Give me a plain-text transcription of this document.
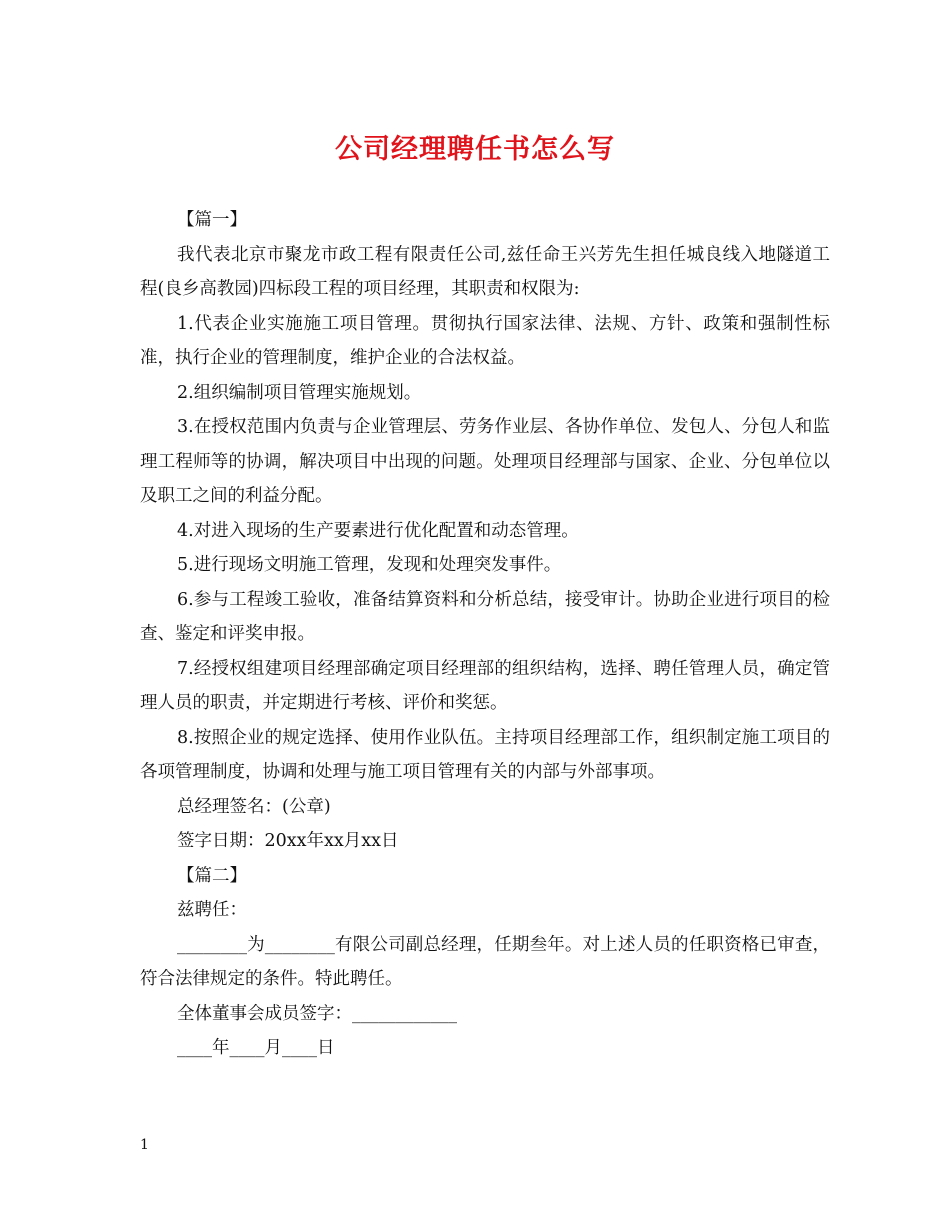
公司经理聘任书怎么写

【篇一】

我代表北京市聚龙市政工程有限责任公司,兹任命王兴芳先生担任城良线入地隧道工程(良乡高教园)四标段工程的项目经理，其职责和权限为:

1.代表企业实施施工项目管理。贯彻执行国家法律、法规、方针、政策和强制性标准，执行企业的管理制度，维护企业的合法权益。

2.组织编制项目管理实施规划。

3.在授权范围内负责与企业管理层、劳务作业层、各协作单位、发包人、分包人和监理工程师等的协调，解决项目中出现的问题。处理项目经理部与国家、企业、分包单位以及职工之间的利益分配。

4.对进入现场的生产要素进行优化配置和动态管理。

5.进行现场文明施工管理，发现和处理突发事件。

6.参与工程竣工验收，准备结算资料和分析总结，接受审计。协助企业进行项目的检查、鉴定和评奖申报。

7.经授权组建项目经理部确定项目经理部的组织结构，选择、聘任管理人员，确定管理人员的职责，并定期进行考核、评价和奖惩。

8.按照企业的规定选择、使用作业队伍。主持项目经理部工作，组织制定施工项目的各项管理制度，协调和处理与施工项目管理有关的内部与外部事项。

总经理签名：(公章)

签字日期：20xx年xx月xx日

【篇二】

兹聘任：

________为________有限公司副总经理，任期叁年。对上述人员的任职资格已审查，符合法律规定的条件。特此聘任。

全体董事会成员签字：____________

____年____月____日

1
